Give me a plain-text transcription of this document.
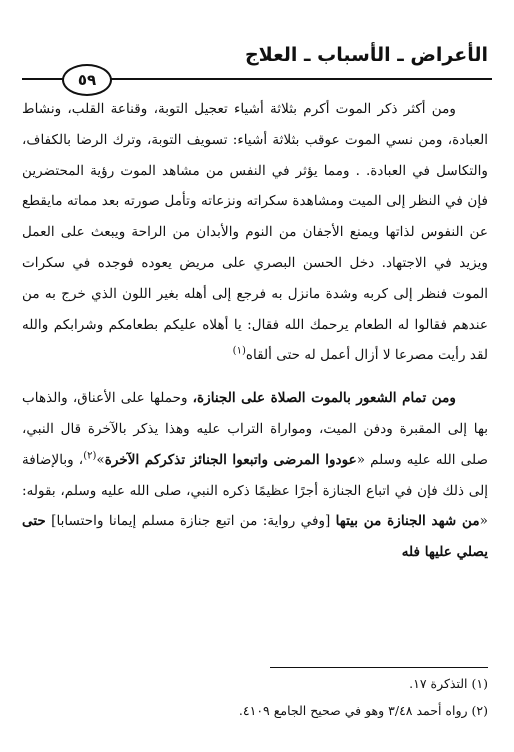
الأعراض ـ الأسباب ـ العلاج
٥٩

ومن أكثر ذكر الموت أكرم بثلاثة أشياء تعجيل التوبة، وقناعة القلب، ونشاط العبادة، ومن نسي الموت عوقب بثلاثة أشياء: تسويف التوبة، وترك الرضا بالكفاف، والتكاسل في العبادة. . ومما يؤثر في النفس من مشاهد الموت رؤية المحتضرين فإن في النظر إلى الميت ومشاهدة سكراته ونزعاته وتأمل صورته بعد مماته مايقطع عن النفوس لذاتها ويمنع الأجفان من النوم والأبدان من الراحة ويبعث على العمل ويزيد في الاجتهاد. دخل الحسن البصري على مريض يعوده فوجده في سكرات الموت فنظر إلى كربه وشدة مانزل به فرجع إلى أهله بغير اللون الذي خرج به من عندهم فقالوا له الطعام يرحمك الله فقال: يا أهلاه عليكم بطعامكم وشرابكم والله لقد رأيت مصرعا لا أزال أعمل له حتى ألقاه$^{(١)}$

ومن تمام الشعور بالموت الصلاة على الجنازة، وحملها على الأعناق، والذهاب بها إلى المقبرة ودفن الميت، ومواراة التراب عليه وهذا يذكر بالآخرة قال النبي، صلى الله عليه وسلم «عودوا المرضى واتبعوا الجنائز تذكركم الآخرة»$^{(٢)}$، وبالإضافة إلى ذلك فإن في اتباع الجنازة أجرًا عظيمًا ذكره النبي، صلى الله عليه وسلم، بقوله: «من شهد الجنازة من بيتها [وفي رواية: من اتبع جنازة مسلم إيمانا واحتسابا] حتى يصلي عليها فله

(١) التذكرة ١٧.

(٢) رواه أحمد ٣/٤٨ وهو في صحيح الجامع ٤١٠٩.
